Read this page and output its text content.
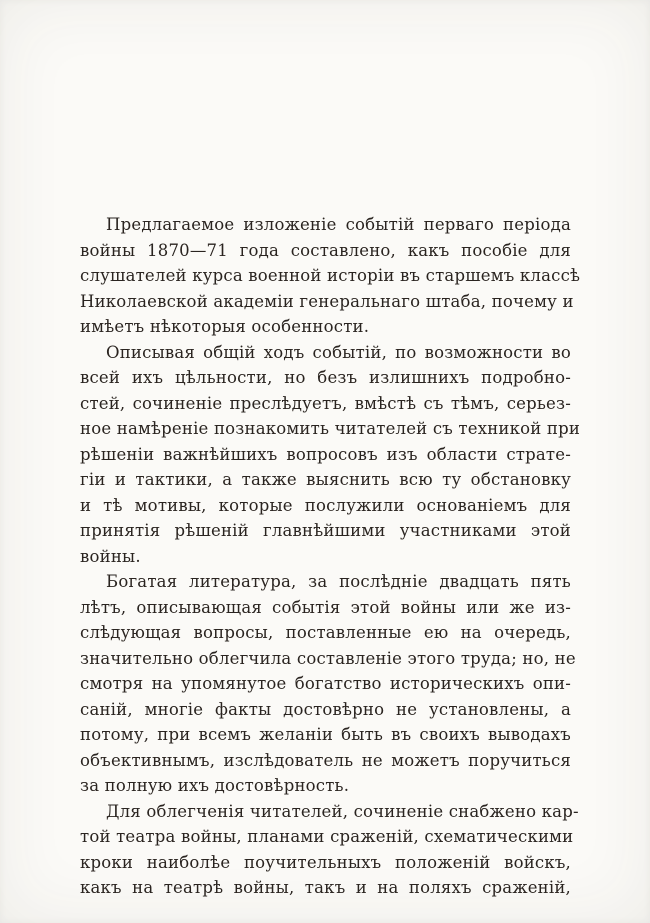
Предлагаемое изложеніе событій перваго періода
войны 1870—71 года составлено, какъ пособіе для
слушателей курса военной исторіи въ старшемъ классѣ
Николаевской академіи генеральнаго штаба, почему и
имѣетъ нѣкоторыя особенности.
Описывая общій ходъ событій, по возможности во
всей ихъ цѣльности, но безъ излишнихъ подробно-
стей, сочиненіе преслѣдуетъ, вмѣстѣ съ тѣмъ, серьез-
ное намѣреніе познакомить читателей съ техникой при
рѣшеніи важнѣйшихъ вопросовъ изъ области страте-
гіи и тактики, а также выяснить всю ту обстановку
и тѣ мотивы, которые послужили основаніемъ для
принятія рѣшеній главнѣйшими участниками этой
войны.
Богатая литература, за послѣдніе двадцать пять
лѣтъ, описывающая событія этой войны или же из-
слѣдующая вопросы, поставленные ею на очередь,
значительно облегчила составленіе этого труда; но, не
смотря на упомянутое богатство историческихъ опи-
саній, многіе факты достовѣрно не установлены, а
потому, при всемъ желаніи быть въ своихъ выводахъ
объективнымъ, изслѣдователь не можетъ поручиться
за полную ихъ достовѣрность.
Для облегченія читателей, сочиненіе снабжено кар-
той театра войны, планами сраженій, схематическими
кроки наиболѣе поучительныхъ положеній войскъ,
какъ на театрѣ войны, такъ и на поляхъ сраженій,
